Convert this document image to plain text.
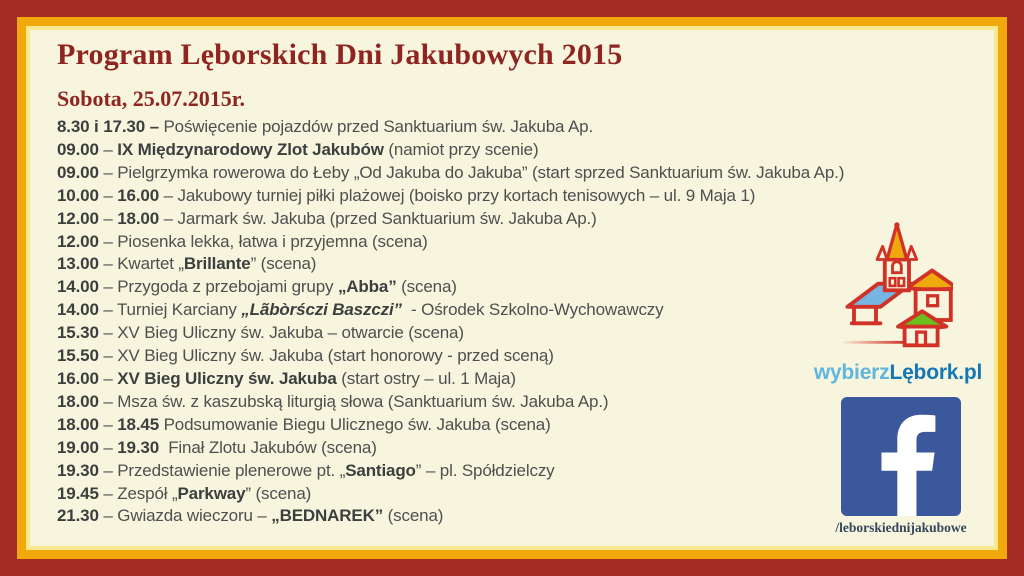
Program Lęborskich Dni Jakubowych 2015
Sobota, 25.07.2015r.
8.30 i 17.30 – Poświęcenie pojazdów przed Sanktuarium św. Jakuba Ap.
09.00 – IX Międzynarodowy Zlot Jakubów (namiot przy scenie)
09.00 – Pielgrzymka rowerowa do Łeby „Od Jakuba do Jakuba” (start sprzed Sanktuarium św. Jakuba Ap.)
10.00 – 16.00 – Jakubowy turniej piłki plażowej (boisko przy kortach tenisowych – ul. 9 Maja 1)
12.00 – 18.00 – Jarmark św. Jakuba (przed Sanktuarium św. Jakuba Ap.)
12.00 – Piosenka lekka, łatwa i przyjemna (scena)
13.00 – Kwartet „Brillante” (scena)
14.00 – Przygoda z przebojami grupy „Abba” (scena)
14.00 – Turniej Karciany „Lãbòrśczi Baszczi”  - Ośrodek Szkolno-Wychowawczy
15.30 – XV Bieg Uliczny św. Jakuba – otwarcie (scena)
15.50 – XV Bieg Uliczny św. Jakuba (start honorowy - przed sceną)
16.00 – XV Bieg Uliczny św. Jakuba (start ostry – ul. 1 Maja)
18.00 – Msza św. z kaszubską liturgią słowa (Sanktuarium św. Jakuba Ap.)
18.00 – 18.45 Podsumowanie Biegu Ulicznego św. Jakuba (scena)
19.00 – 19.30  Finał Zlotu Jakubów (scena)
19.30 – Przedstawienie plenerowe pt. „Santiago” – pl. Spółdzielczy
19.45 – Zespół „Parkway” (scena)
21.30 – Gwiazda wieczoru – „BEDNAREK” (scena)
wybierzLębork.pl
/leborskiednijakubowe
